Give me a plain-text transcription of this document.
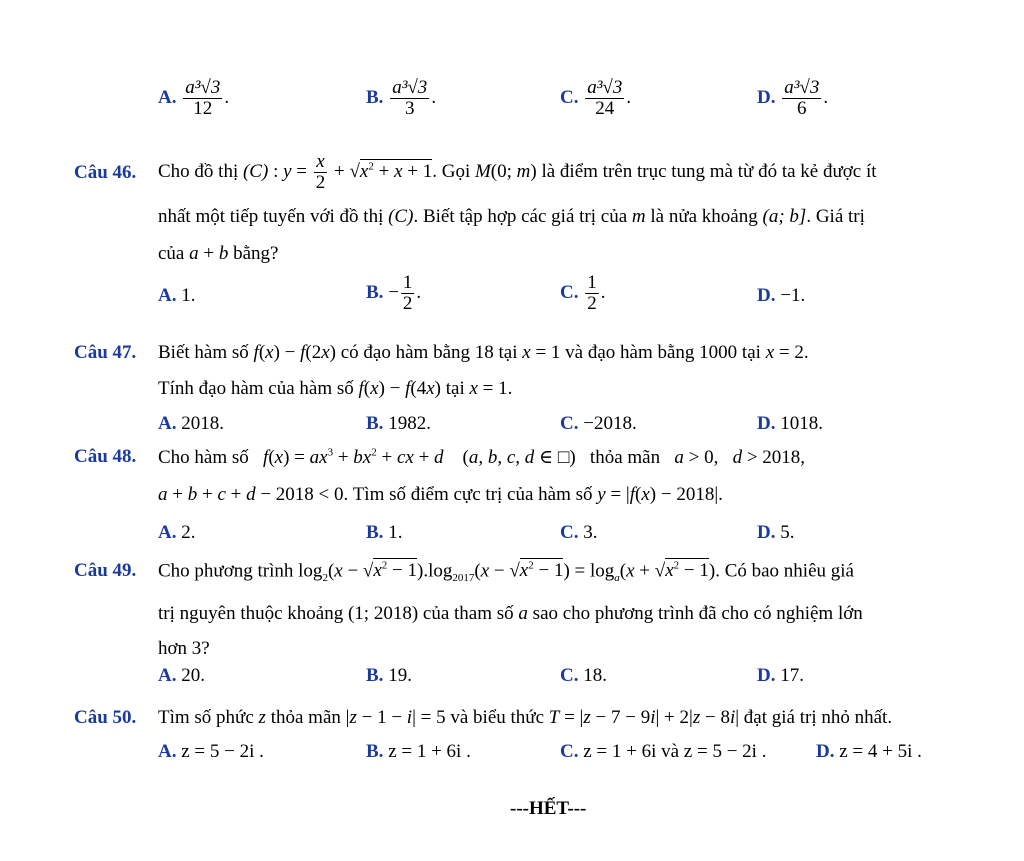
A. $\frac{\text{a³√3}}{12}$ .	B. $\frac{\text{a³√3}}{3}$ .	C. $\frac{\text{a³√3}}{24}$ .	D. $\frac{\text{a³√3}}{6}$ .
Câu 46. Cho đồ thị (C) : $y = \frac{x}{2} + √x^2 + x + 1$. Gọi M(0; m) là điểm trên trục tung mà từ đó ta kẻ được ít
nhất một tiếp tuyến với đồ thị (C). Biết tập hợp các giá trị của m là nửa khoảng (a; b]. Giá trị
của a + b bằng?
A. 1.	B. − $\frac{1}{2}$ .	C. $\frac{1}{2}$ .	D. −1.
Câu 47. Biết hàm số f(x) − f(2x) có đạo hàm bằng 18 tại x = 1 và đạo hàm bằng 1000 tại x = 2.
Tính đạo hàm của hàm số f(x) − f(4x) tại x = 1.
A. 2018.	B. 1982.	C. −2018.	D. 1018.
Câu 48. Cho hàm số $f(x) = ax^3 + bx^2$ + cx + d    (a, b, c, d ∈ □)   thỏa mãn a > 0,   d > 2018,
a + b + c + d − 2018 < 0. Tìm số điểm cực trị của hàm số y = |f(x) − 2018|.
A. 2.	B. 1.	C. 3.	D. 5.
Câu 49. Cho phương trình $\log_2(x - √x^2 - 1).\log_{2017}(x - √x^2 - 1) = \log_a(x + √x^2 - 1)$. Có bao nhiêu giá
trị nguyên thuộc khoảng (1; 2018) của tham số a sao cho phương trình đã cho có nghiệm lớn
hơn 3?
A. 20.	B. 19.	C. 18.	D. 17.
Câu 50. Tìm số phức z thỏa mãn |z − 1 − i| = 5 và biểu thức T = |z − 7 − 9i| + 2|z − 8i| đạt giá trị nhỏ nhất.
A. z = 5 − 2i .	B. z = 1 + 6i .	C. z = 1 + 6i và z = 5 − 2i .	D. z = 4 + 5i .
---HẾT---
